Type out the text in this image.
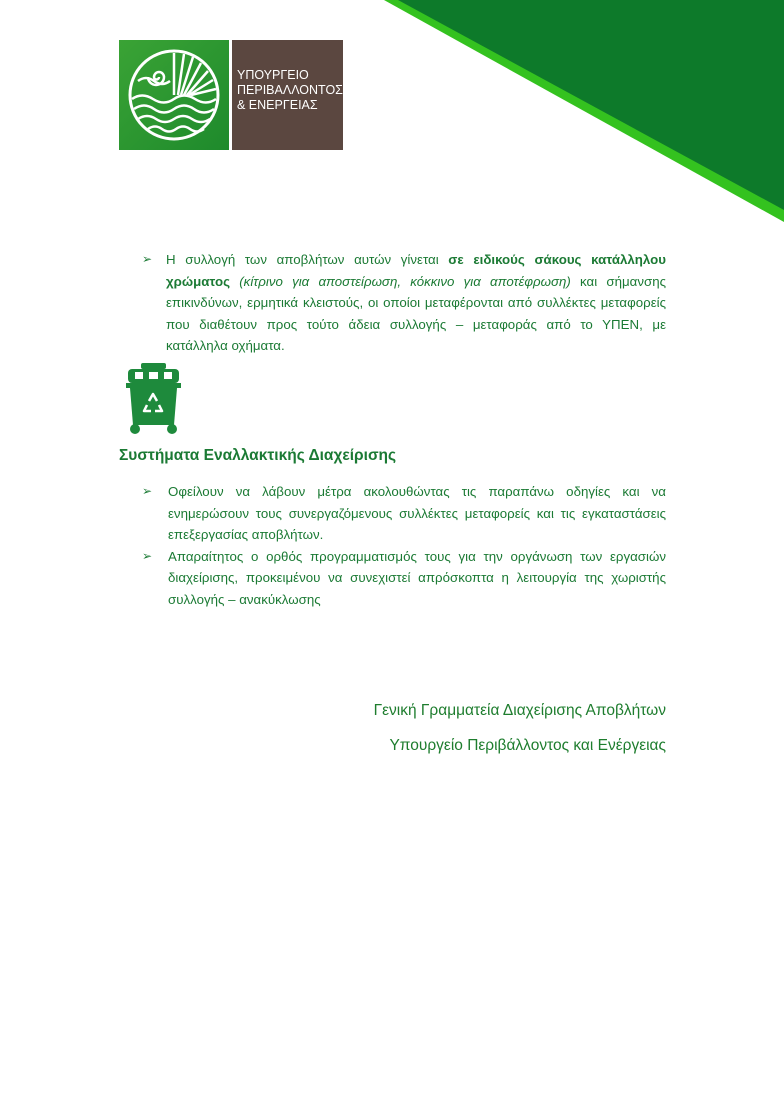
ΥΠΟΥΡΓΕΙΟ
ΠΕΡΙΒΑΛΛΟΝΤΟΣ
& ΕΝΕΡΓΕΙΑΣ
➢ Η συλλογή των αποβλήτων αυτών γίνεται σε ειδικούς σάκους κατάλληλου χρώματος (κίτρινο για αποστείρωση, κόκκινο για αποτέφρωση) και σήμανσης επικινδύνων, ερμητικά κλειστούς, οι οποίοι μεταφέρονται από συλλέκτες μεταφορείς που διαθέτουν προς τούτο άδεια συλλογής – μεταφοράς από το ΥΠΕΝ, με κατάλληλα οχήματα.
Συστήματα Εναλλακτικής Διαχείρισης
➢ Οφείλουν να λάβουν μέτρα ακολουθώντας τις παραπάνω οδηγίες και να ενημερώσουν τους συνεργαζόμενους συλλέκτες μεταφορείς και τις εγκαταστάσεις επεξεργασίας αποβλήτων.
➢ Απαραίτητος ο ορθός προγραμματισμός τους για την οργάνωση των εργασιών διαχείρισης, προκειμένου να συνεχιστεί απρόσκοπτα η λειτουργία της χωριστής συλλογής – ανακύκλωσης

Γενική Γραμματεία Διαχείρισης Αποβλήτων

Υπουργείο Περιβάλλοντος και Ενέργειας
